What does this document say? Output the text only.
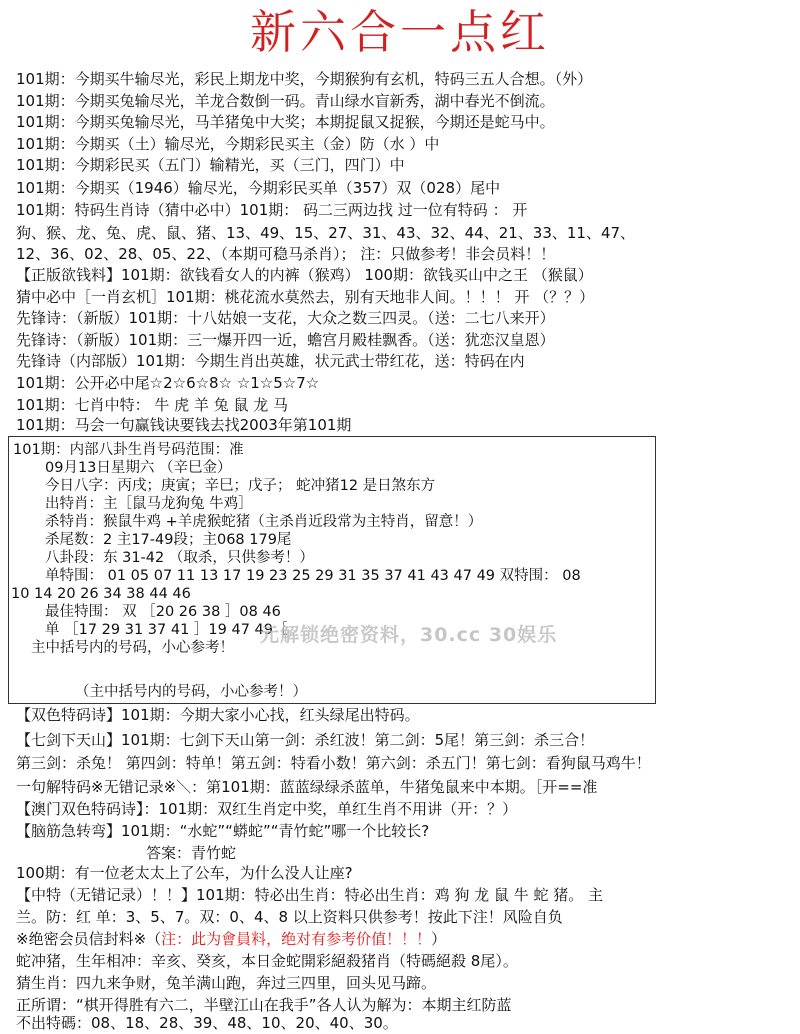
新六合一点红
101期：今期买牛输尽光，彩民上期龙中奖，今期猴狗有玄机，特码三五人合想。（外）
101期：今期买兔输尽光，羊龙合数倒一码。青山绿水盲新秀，湖中春光不倒流。
101期：今期买兔输尽光，马羊猪兔中大奖；本期捉鼠又捉猴，今期还是蛇马中。
101期：今期买（土）输尽光，今期彩民买主（金）防（水 ）中
101期：今期彩民买（五门）输精光，买（三门，四门）中
101期：今期买（1946）输尽光，今期彩民买单（357）双（028）尾中
101期：特码生肖诗（猜中必中）101期： 码二三两边找 过一位有特码 ： 开
狗、猴、龙、兔、虎、鼠、猪、13、49、15、27、31、43、32、44、21、33、11、47、
12、36、02、28、05、22、（本期可稳马杀肖）； 注：只做参考！非会员料！！
【正版欲钱料】101期：欲钱看女人的内裤（猴鸡） 100期：欲钱买山中之王 （猴鼠）
猜中必中［一肖玄机］101期：桃花流水莫然去，别有天地非人间。！！！ 开 （？？）
先锋诗：（新版）101期：十八姑娘一支花，大众之数三四灵。（送：二七八来开）
先锋诗：（新版）101期：三一爆开四一近，蟾宫月殿桂飘香。（送：犹恋汉皇恩）
先锋诗（内部版）101期：今期生肖出英雄，状元武士带红花，送：特码在内
101期：公开必中尾☆2☆6☆8☆ ☆1☆5☆7☆
101期：七肖中特： 牛 虎 羊 兔 鼠 龙 马
101期：马会一句赢钱诀要钱去找2003年第101期
101期：内部八卦生肖号码范围：准
09月13日星期六 （辛巳金）
今日八字：丙戌；庚寅；辛巳；戊子； 蛇冲猪12 是日煞东方
出特肖：主［鼠马龙狗兔 牛鸡］
杀特肖：猴鼠牛鸡 +羊虎猴蛇猪（主杀肖近段常为主特肖，留意！）
杀尾数：2 主17-49段；主068 179尾
八卦段：东 31-42 （取杀，只供参考！）
单特围： 01 05 07 11 13 17 19 23 25 29 31 35 37 41 43 47 49 双特围： 08
10 14 20 26 34 38 44 46
最佳特围： 双 ［20 26 38 ］08 46
单 ［17 29 31 37 41 ］19 47 49［
主中括号内的号码，小心参考！
（主中括号内的号码，小心参考！）
元解锁绝密资料，30.cc 30娱乐
【双色特码诗】101期：今期大家小心找，红头绿尾出特码。
【七剑下天山】101期：七剑下天山第一剑：杀红波！第二剑：5尾！第三剑：杀三合！
第三剑：杀兔！ 第四剑：特单！第五剑：特看小数！第六剑：杀五门！第七剑：看狗鼠马鸡牛！
一句解特码※无错记录※＼：第101期：蓝蓝绿绿杀蓝单，牛猪兔鼠来中本期。［开==准
【澳门双色特码诗】：101期：双红生肖定中奖，单红生肖不用讲（开：？）
【脑筋急转弯】101期：“水蛇”“蟒蛇”“青竹蛇”哪一个比较长?
答案：青竹蛇
100期：有一位老太太上了公车，为什么没人让座?
【中特（无错记录）！！】101期：特必出生肖：特必出生肖：鸡 狗 龙 鼠 牛 蛇 猪。 主
兰。防：红 单：3、5、7。双：0、4、8 以上资料只供参考！按此下注！风险自负
※绝密会员信封料※（注：此为會員料，绝对有参考价值！！！）
蛇冲猪，生年相冲：辛亥、癸亥，本日金蛇開彩絕殺猪肖（特碼絕殺 8尾）。
猜生肖：四九来争财，兔羊满山跑，奔过三四里，回头见马蹄。
正所谓：“棋开得胜有六二，半壁江山在我手”各人认为解为：本期主红防蓝
不出特碼：08、18、28、39、48、10、20、40、30。
